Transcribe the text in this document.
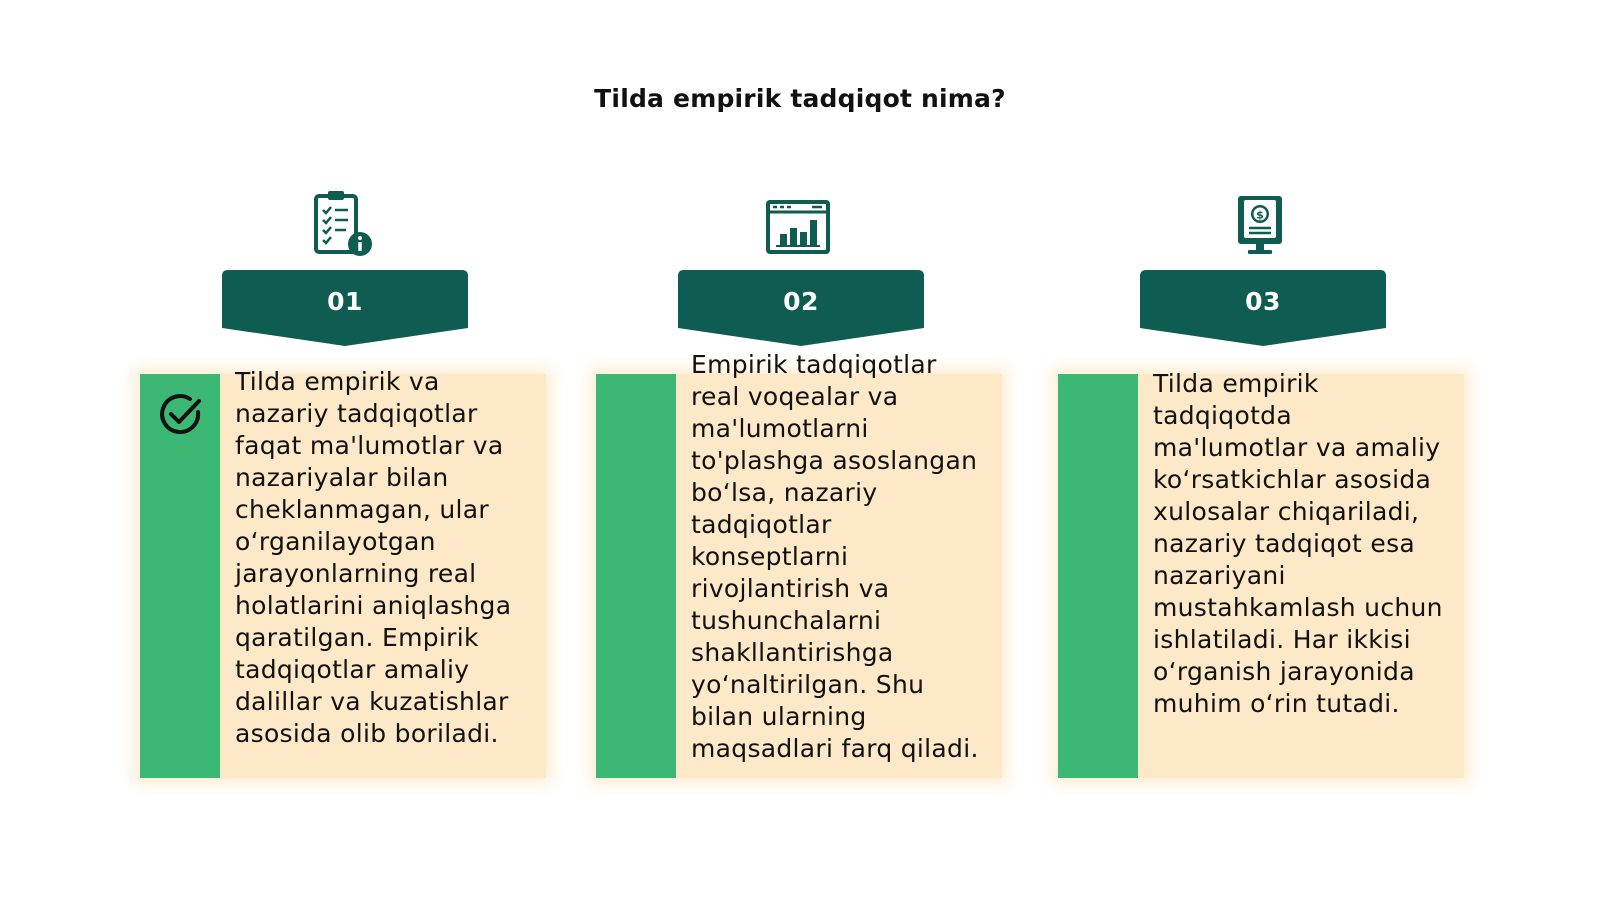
Tilda empirik tadqiqot nima?
01
Tilda empirik va nazariy tadqiqotlar faqat ma'lumotlar va nazariyalar bilan cheklanmagan, ular o‘rganilayotgan jarayonlarning real holatlarini aniqlashga qaratilgan. Empirik tadqiqotlar amaliy dalillar va kuzatishlar asosida olib boriladi.
02
Empirik tadqiqotlar real voqealar va ma'lumotlarni to'plashga asoslangan bo‘lsa, nazariy tadqiqotlar konseptlarni rivojlantirish va tushunchalarni shakllantirishga yo‘naltirilgan. Shu bilan ularning maqsadlari farq qiladi.
$
03
Tilda empirik tadqiqotda ma'lumotlar va amaliy ko‘rsatkichlar asosida xulosalar chiqariladi, nazariy tadqiqot esa nazariyani mustahkamlash uchun ishlatiladi. Har ikkisi o‘rganish jarayonida muhim o‘rin tutadi.
